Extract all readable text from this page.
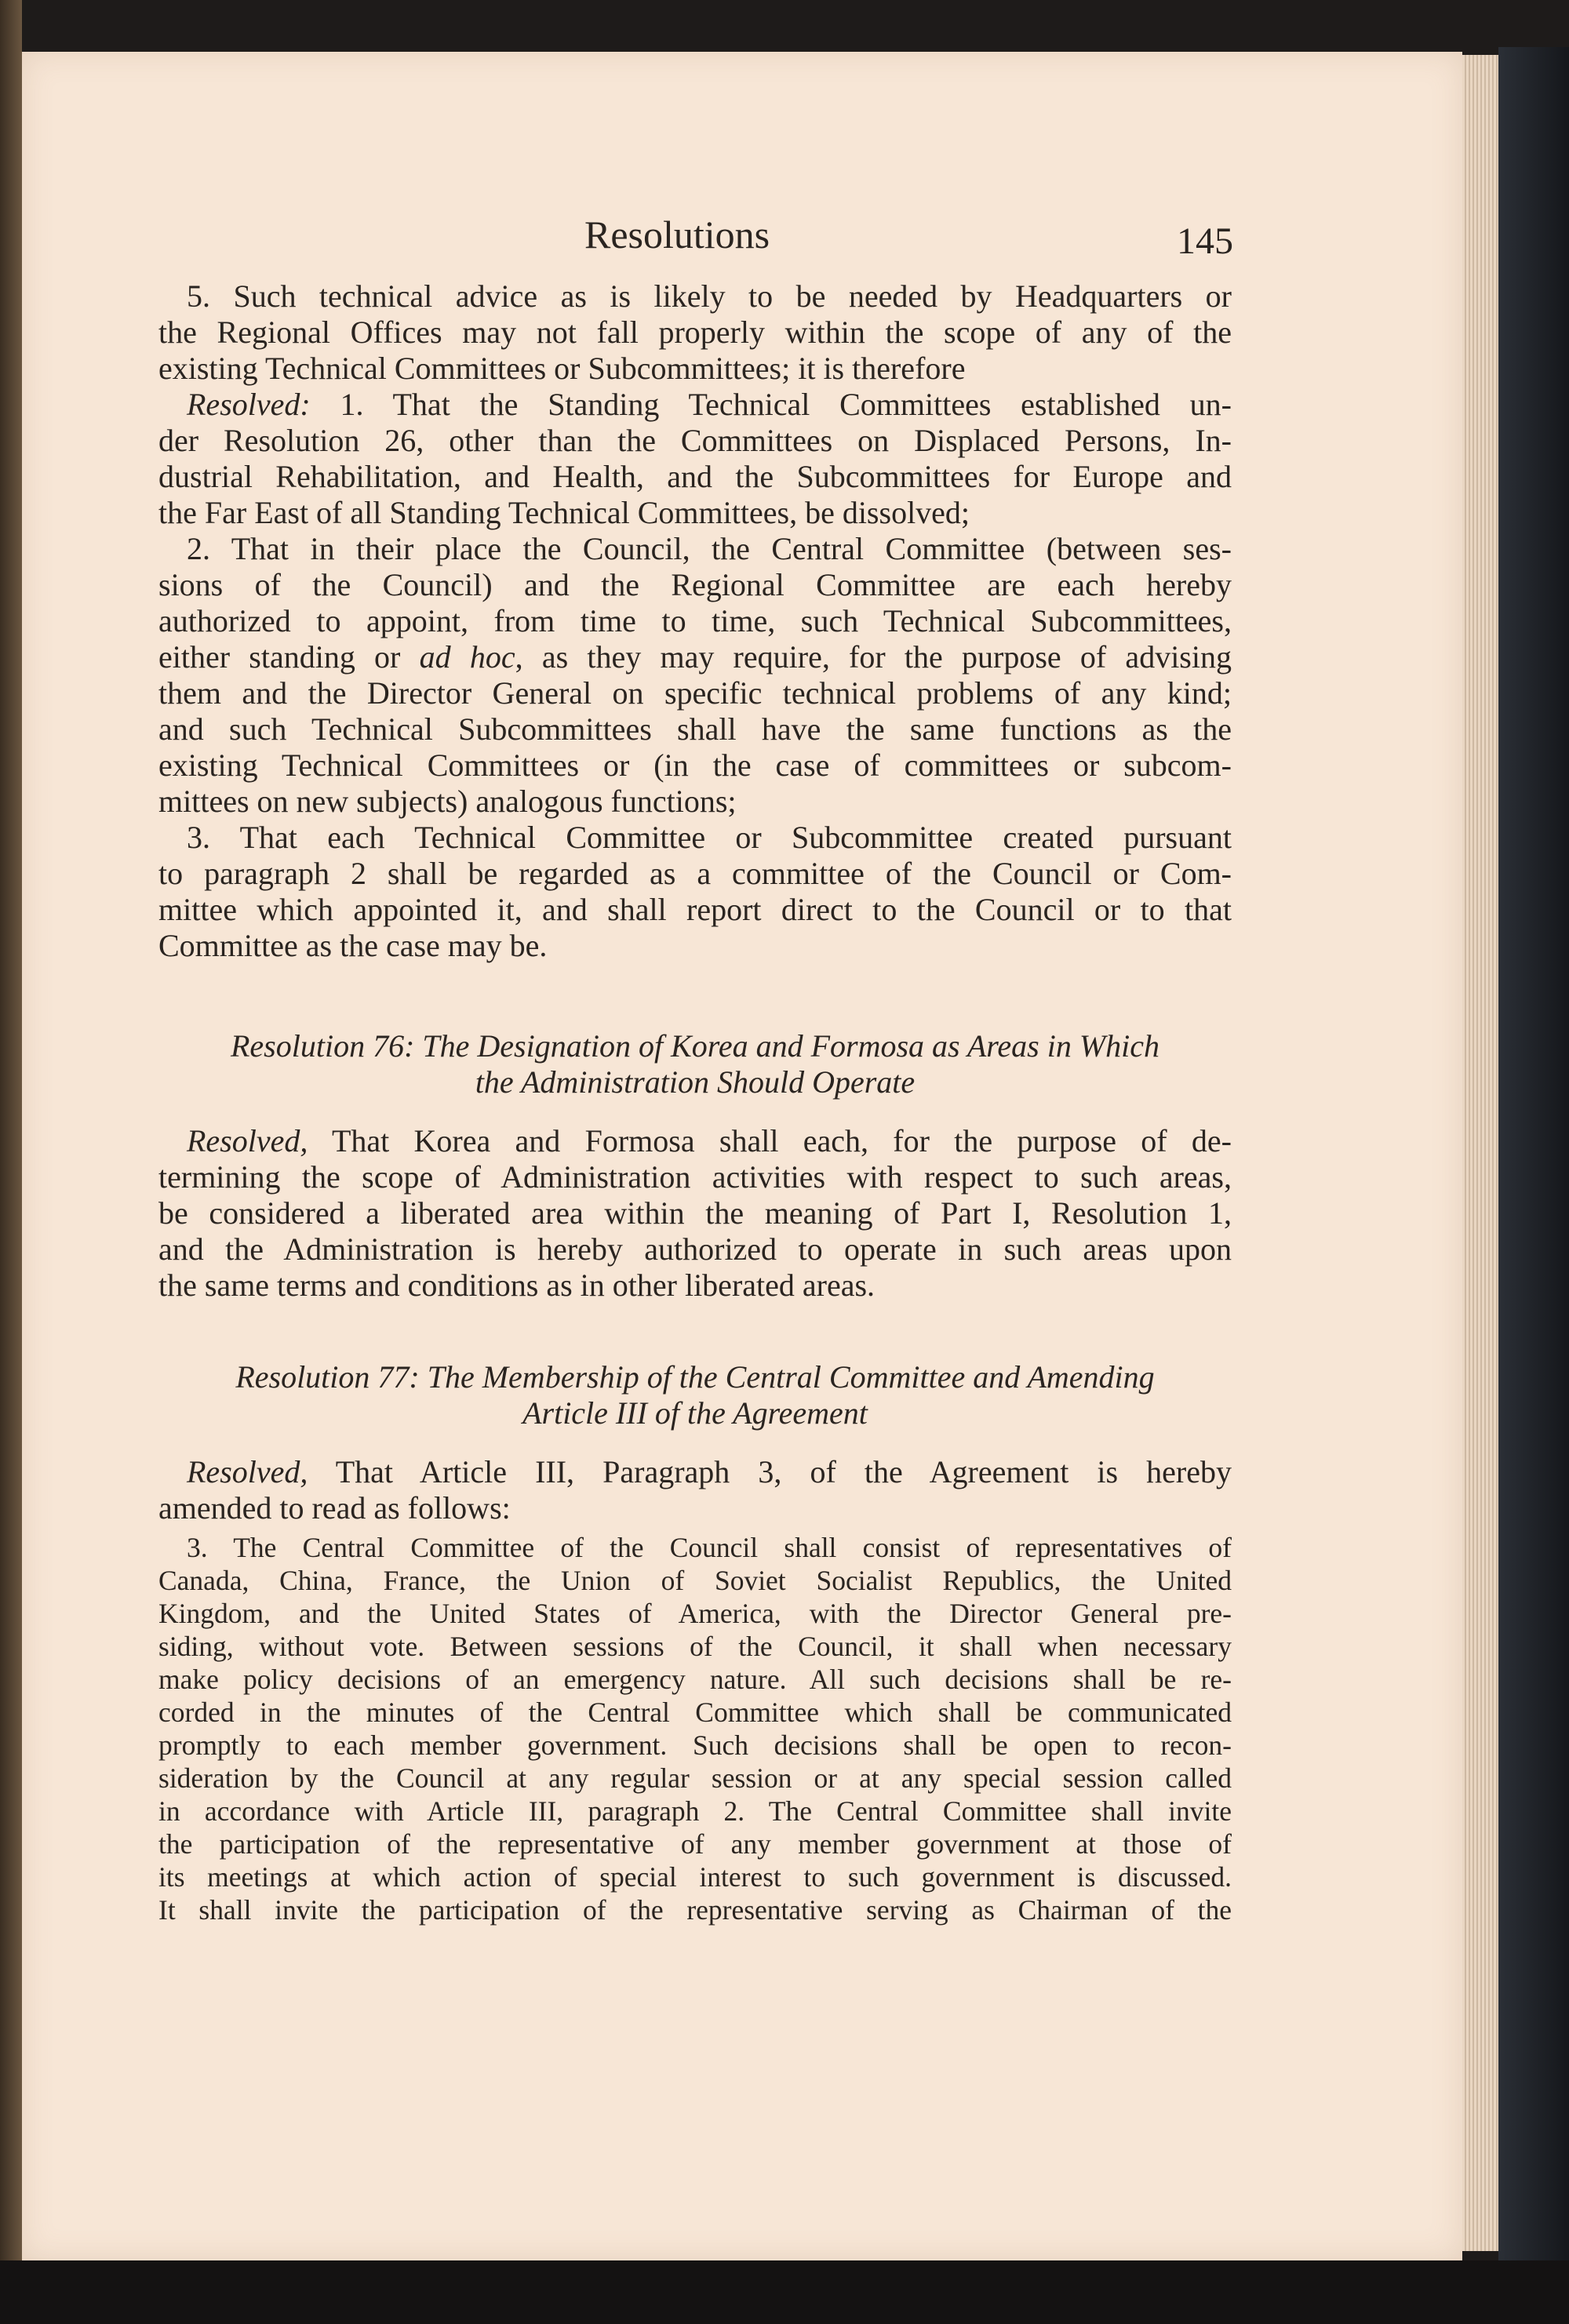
Resolutions	145
5. Such technical advice as is likely to be needed by Headquarters or
the Regional Offices may not fall properly within the scope of any of the
existing Technical Committees or Subcommittees; it is therefore
Resolved: 1. That the Standing Technical Committees established un-
der Resolution 26, other than the Committees on Displaced Persons, In-
dustrial Rehabilitation, and Health, and the Subcommittees for Europe and
the Far East of all Standing Technical Committees, be dissolved;
2. That in their place the Council, the Central Committee (between ses-
sions of the Council) and the Regional Committee are each hereby
authorized to appoint, from time to time, such Technical Subcommittees,
either standing or ad hoc, as they may require, for the purpose of advising
them and the Director General on specific technical problems of any kind;
and such Technical Subcommittees shall have the same functions as the
existing Technical Committees or (in the case of committees or subcom-
mittees on new subjects) analogous functions;
3. That each Technical Committee or Subcommittee created pursuant
to paragraph 2 shall be regarded as a committee of the Council or Com-
mittee which appointed it, and shall report direct to the Council or to that
Committee as the case may be.
Resolution 76: The Designation of Korea and Formosa as Areas in Which
the Administration Should Operate
Resolved, That Korea and Formosa shall each, for the purpose of de-
termining the scope of Administration activities with respect to such areas,
be considered a liberated area within the meaning of Part I, Resolution 1,
and the Administration is hereby authorized to operate in such areas upon
the same terms and conditions as in other liberated areas.
Resolution 77: The Membership of the Central Committee and Amending
Article III of the Agreement
Resolved, That Article III, Paragraph 3, of the Agreement is hereby
amended to read as follows:
3. The Central Committee of the Council shall consist of representatives of
Canada, China, France, the Union of Soviet Socialist Republics, the United
Kingdom, and the United States of America, with the Director General pre-
siding, without vote. Between sessions of the Council, it shall when necessary
make policy decisions of an emergency nature. All such decisions shall be re-
corded in the minutes of the Central Committee which shall be communicated
promptly to each member government. Such decisions shall be open to recon-
sideration by the Council at any regular session or at any special session called
in accordance with Article III, paragraph 2. The Central Committee shall invite
the participation of the representative of any member government at those of
its meetings at which action of special interest to such government is discussed.
It shall invite the participation of the representative serving as Chairman of the
